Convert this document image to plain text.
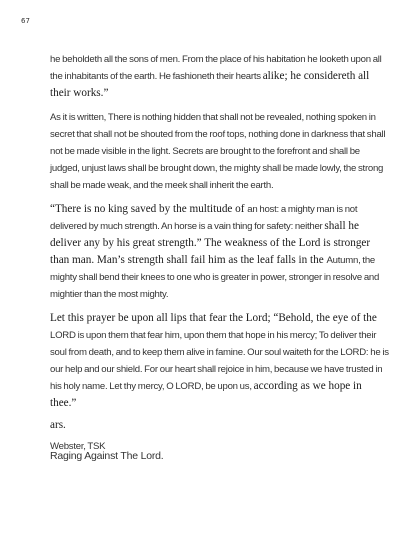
67

he beholdeth all the sons of men. From the place of his habitation he looketh upon all the inhabitants of the earth. He fashioneth their hearts alike; he considereth all their works.”

As it is written, There is nothing hidden that shall not be revealed, nothing spoken in secret that shall not be shouted from the roof tops, nothing done in darkness that shall not be made visible in the light. Secrets are brought to the forefront and shall be judged, unjust laws shall be brought down, the mighty shall be made lowly, the strong shall be made weak, and the meek shall inherit the earth.

“There is no king saved by the multitude of an host: a mighty man is not delivered by much strength. An horse is a vain thing for safety: neither shall he deliver any by his great strength.” The weakness of the Lord is stronger than man. Man’s strength shall fail him as the leaf falls in the Autumn, the mighty shall bend their knees to one who is greater in power, stronger in resolve and mightier than the most mighty.

Let this prayer be upon all lips that fear the Lord; “Behold, the eye of the LORD is upon them that fear him, upon them that hope in his mercy; To deliver their soul from death, and to keep them alive in famine. Our soul waiteth for the LORD: he is our help and our shield. For our heart shall rejoice in him, because we have trusted in his holy name. Let thy mercy, O LORD, be upon us, according as we hope in thee.”

ars.

Webster, TSK

Raging Against The Lord.
